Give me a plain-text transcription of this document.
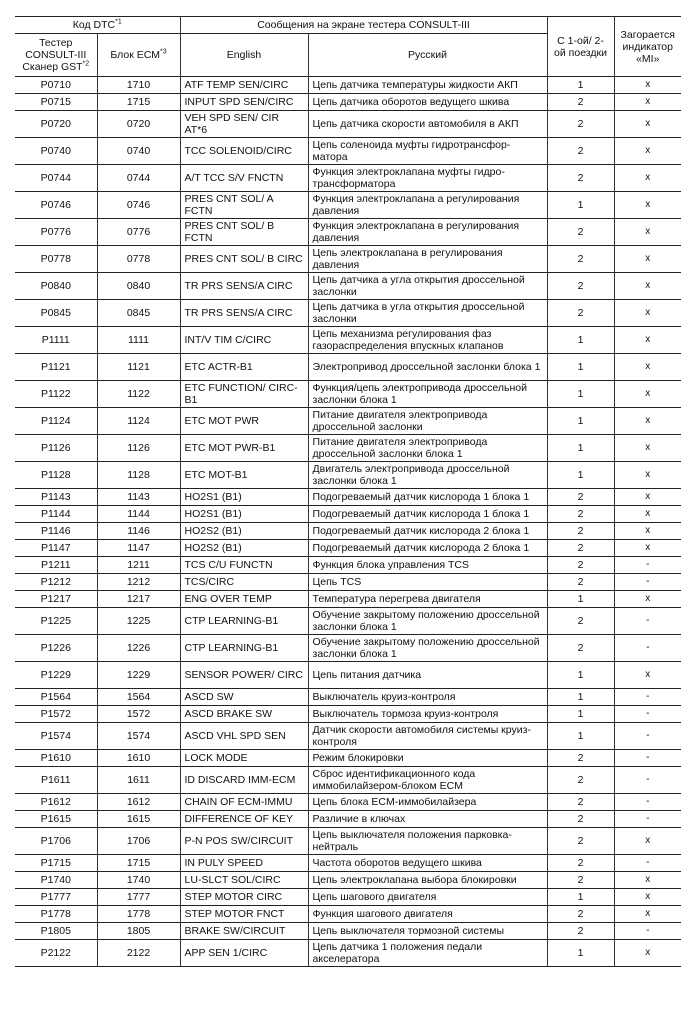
Код DTC$^{*1}$		Сообщения на экране тестера CONSULT-III		С 1-ой/ 2-ой поездки	Загорается индикатор «MI»
Тестер CONSULT-III Сканер GST$^{*2}$	Блок ECM$^{*3}$	English	Русский		
P0710	1710	ATF TEMP SEN/CIRC	Цепь датчика температуры жидкости АКП	1	x
P0715	1715	INPUT SPD SEN/CIRC	Цепь датчика оборотов ведущего шкива	2	x
P0720	0720	VEH SPD SEN/ CIR AT*6	Цепь датчика скорости автомобиля в АКП	2	x
P0740	0740	TCC SOLENOID/CIRC	Цепь соленоида муфты гидротрансфор- матора	2	x
P0744	0744	A/T TCC S/V FNCTN	Функция электроклапана муфты гидро- трансформатора	2	x
P0746	0746	PRES CNT SOL/ A FCTN	Функция электроклапана а регулирования давления	1	x
P0776	0776	PRES CNT SOL/ B FCTN	Функция электроклапана в регулирования давления	2	x
P0778	0778	PRES CNT SOL/ B CIRC	Цепь электроклапана в регулирования давления	2	x
P0840	0840	TR PRS SENS/A CIRC	Цепь датчика а угла открытия дроссельной заслонки	2	x
P0845	0845	TR PRS SENS/A CIRC	Цепь датчика в угла открытия дроссельной заслонки	2	x
P1111	1111	INT/V TIM C/CIRC	Цепь механизма регулирования фаз газораспределения впускных клапанов	1	x
P1121	1121	ETC ACTR-B1	Электропривод дроссельной заслонки блока 1	1	x
P1122	1122	ETC FUNCTION/ CIRC-B1	Функция/цепь электропривода дроссельной заслонки блока 1	1	x
P1124	1124	ETC MOT PWR	Питание двигателя электропривода дроссельной заслонки	1	x
P1126	1126	ETC MOT PWR-B1	Питание двигателя электропривода дроссельной заслонки блока 1	1	x
P1128	1128	ETC MOT-B1	Двигатель электропривода дроссельной заслонки блока 1	1	x
P1143	1143	HO2S1 (B1)	Подогреваемый датчик кислорода 1 блока 1	2	x
P1144	1144	HO2S1 (B1)	Подогреваемый датчик кислорода 1 блока 1	2	x
P1146	1146	HO2S2 (B1)	Подогреваемый датчик кислорода 2 блока 1	2	x
P1147	1147	HO2S2 (B1)	Подогреваемый датчик кислорода 2 блока 1	2	x
P1211	1211	TCS C/U FUNCTN	Функция блока управления TCS	2	-
P1212	1212	TCS/CIRC	Цепь TCS	2	-
P1217	1217	ENG OVER TEMP	Температура перегрева двигателя	1	x
P1225	1225	CTP LEARNING-B1	Обучение закрытому положению дроссельной заслонки блока 1	2	-
P1226	1226	CTP LEARNING-B1	Обучение закрытому положению дроссельной заслонки блока 1	2	-
P1229	1229	SENSOR POWER/ CIRC	Цепь питания датчика	1	x
P1564	1564	ASCD SW	Выключатель круиз-контроля	1	-
P1572	1572	ASCD BRAKE SW	Выключатель тормоза круиз-контроля	1	-
P1574	1574	ASCD VHL SPD SEN	Датчик скорости автомобиля системы круиз-контроля	1	-
P1610	1610	LOCK MODE	Режим блокировки	2	-
P1611	1611	ID DISCARD IMM-ECM	Сброс идентификационного кода иммобилайзером-блоком ECM	2	-
P1612	1612	CHAIN OF ECM-IMMU	Цепь блока ECM-иммобилайзера	2	-
P1615	1615	DIFFERENCE OF KEY	Различие в ключах	2	-
P1706	1706	P-N POS SW/CIRCUIT	Цепь выключателя положения парковка-нейтраль	2	x
P1715	1715	IN PULY SPEED	Частота оборотов ведущего шкива	2	-
P1740	1740	LU-SLCT SOL/CIRC	Цепь электроклапана выбора блокировки	2	x
P1777	1777	STEP MOTOR CIRC	Цепь шагового двигателя	1	x
P1778	1778	STEP MOTOR FNCT	Функция шагового двигателя	2	x
P1805	1805	BRAKE SW/CIRCUIT	Цепь выключателя тормозной системы	2	-
P2122	2122	APP SEN 1/CIRC	Цепь датчика 1 положения педали акселератора	1	x
